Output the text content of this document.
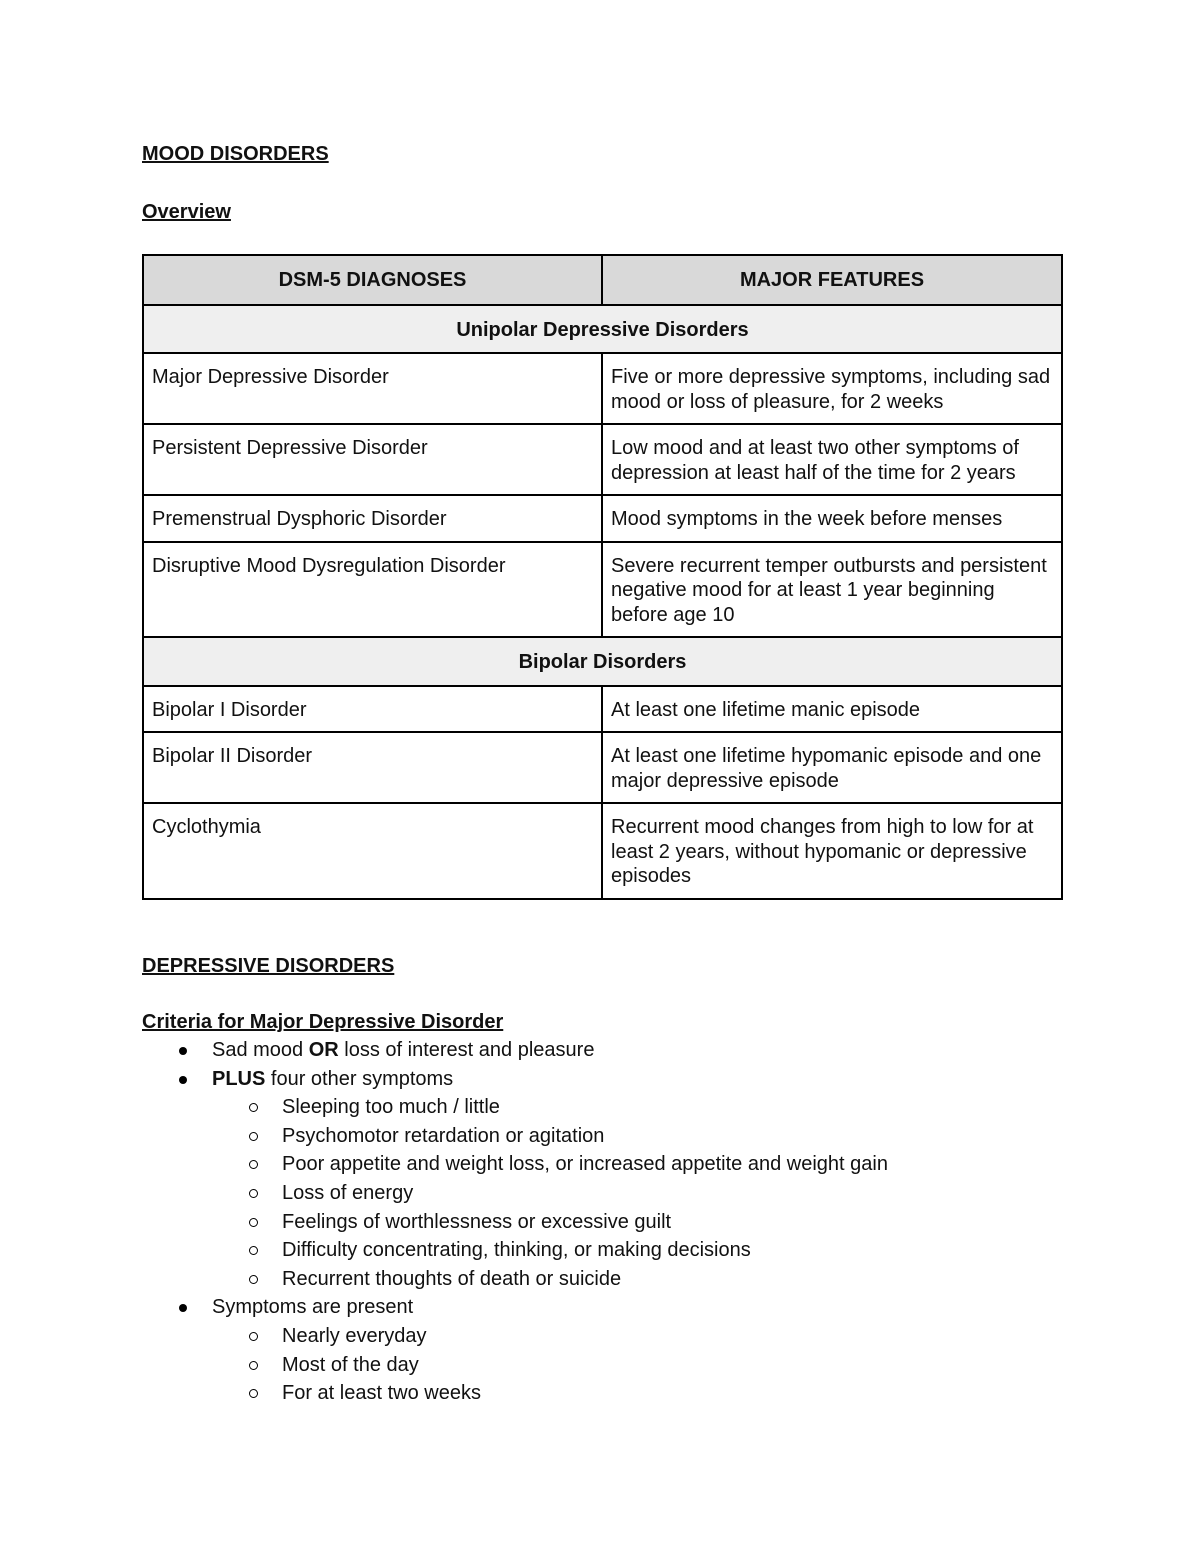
MOOD DISORDERS
Overview
DSM-5 DIAGNOSES	MAJOR FEATURES
Unipolar Depressive Disorders	
Major Depressive Disorder	Five or more depressive symptoms, including sad mood or loss of pleasure, for 2 weeks
Persistent Depressive Disorder	Low mood and at least two other symptoms of depression at least half of the time for 2 years
Premenstrual Dysphoric Disorder	Mood symptoms in the week before menses
Disruptive Mood Dysregulation Disorder	Severe recurrent temper outbursts and persistent negative mood for at least 1 year beginning before age 10
Bipolar Disorders	
Bipolar I Disorder	At least one lifetime manic episode
Bipolar II Disorder	At least one lifetime hypomanic episode and one major depressive episode
Cyclothymia	Recurrent mood changes from high to low for at least 2 years, without hypomanic or depressive episodes
DEPRESSIVE DISORDERS
Criteria for Major Depressive Disorder
Sad mood OR loss of interest and pleasure
PLUS four other symptoms
Sleeping too much / little
Psychomotor retardation or agitation
Poor appetite and weight loss, or increased appetite and weight gain
Loss of energy
Feelings of worthlessness or excessive guilt
Difficulty concentrating, thinking, or making decisions
Recurrent thoughts of death or suicide
Symptoms are present
Nearly everyday
Most of the day
For at least two weeks
